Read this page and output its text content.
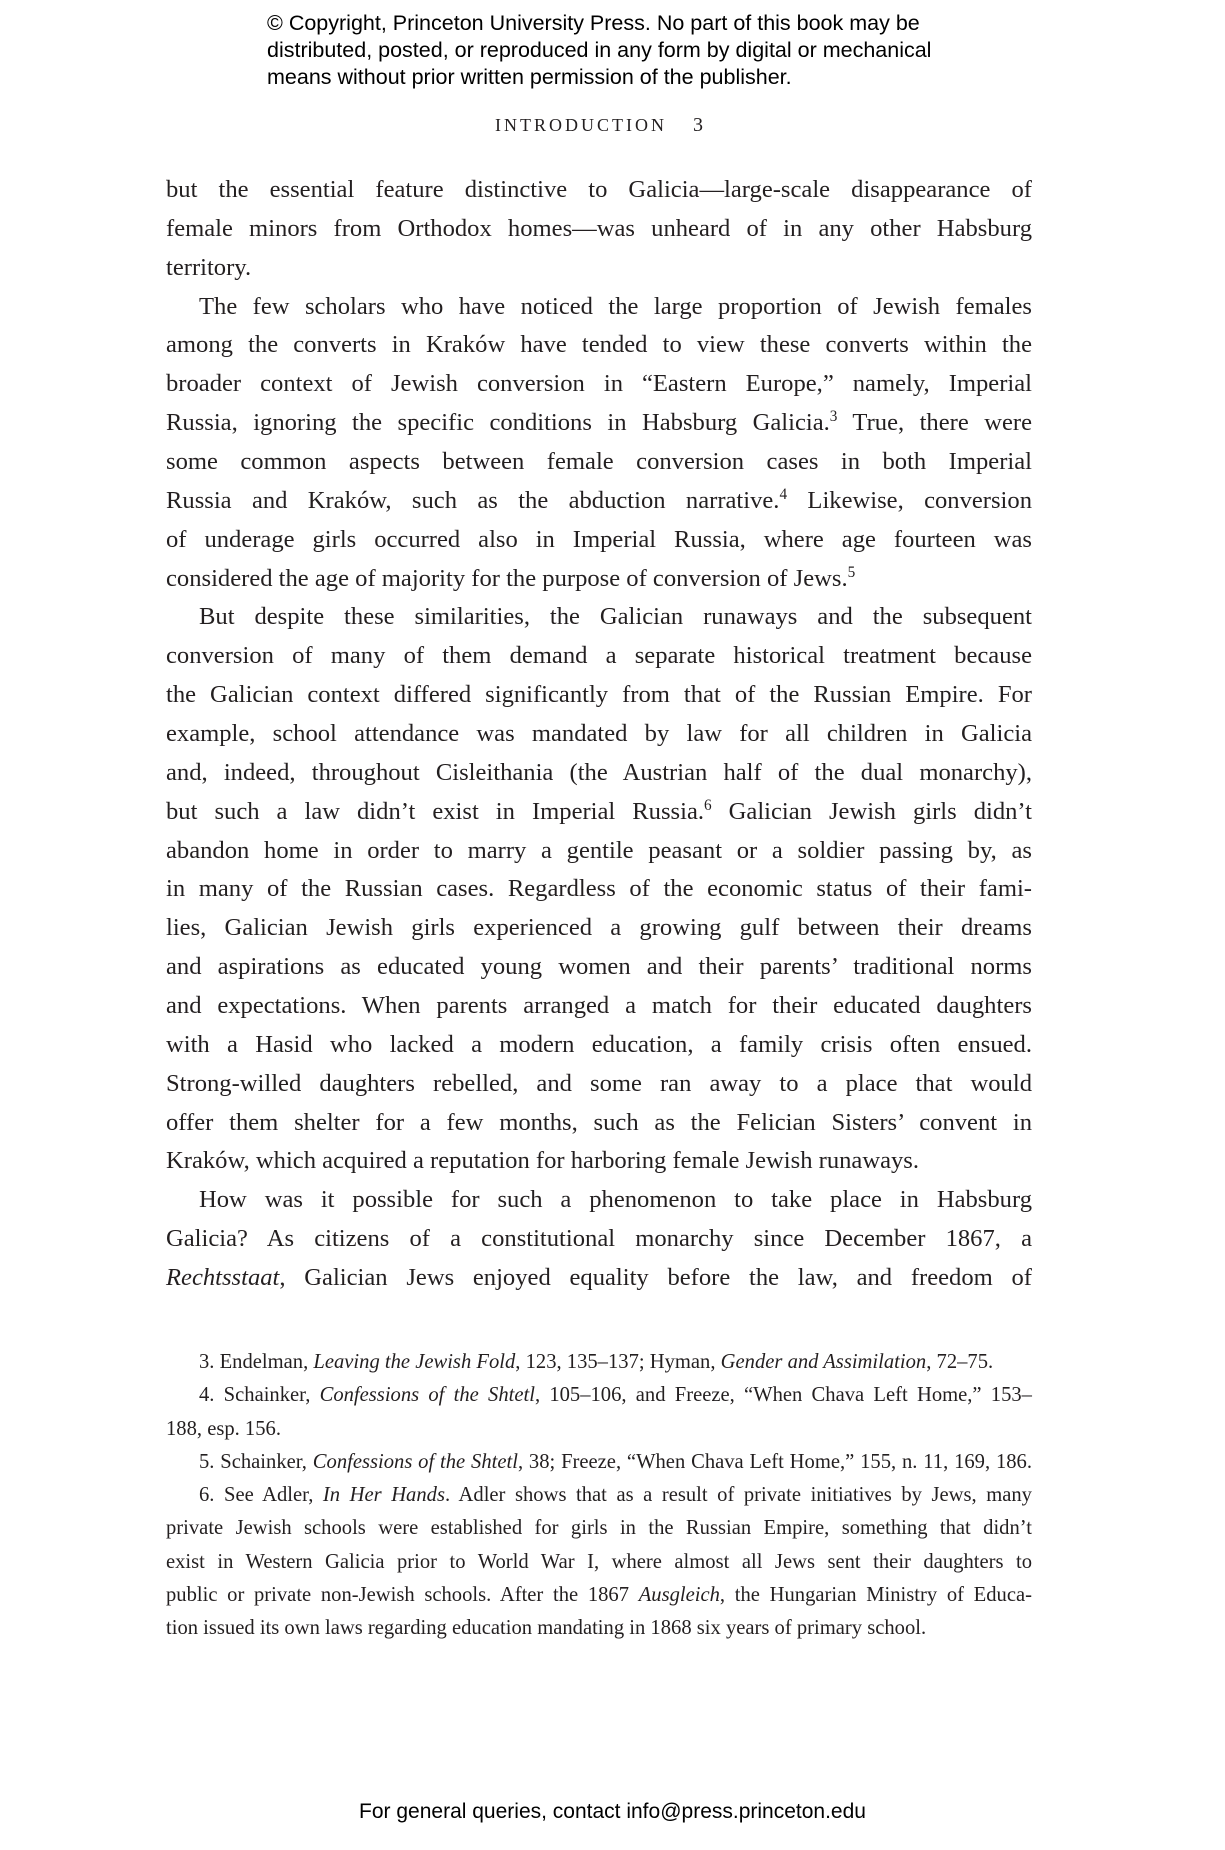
© Copyright, Princeton University Press. No part of this book may be
distributed, posted, or reproduced in any form by digital or mechanical
means without prior written permission of the publisher.
INTRODUCTION 3
but the essential feature distinctive to Galicia—large-scale disappearance of
female minors from Orthodox homes—was unheard of in any other Habsburg
territory.
The few scholars who have noticed the large proportion of Jewish females
among the converts in Kraków have tended to view these converts within the
broader context of Jewish conversion in “Eastern Europe,” namely, Imperial
Russia, ignoring the specific conditions in Habsburg Galicia.$^3$ True, there were
some common aspects between female conversion cases in both Imperial
Russia and Kraków, such as the abduction narrative.$^4$ Likewise, conversion
of underage girls occurred also in Imperial Russia, where age fourteen was
considered the age of majority for the purpose of conversion of Jews.$^5$
But despite these similarities, the Galician runaways and the subsequent
conversion of many of them demand a separate historical treatment because
the Galician context differed significantly from that of the Russian Empire. For
example, school attendance was mandated by law for all children in Galicia
and, indeed, throughout Cisleithania (the Austrian half of the dual monarchy),
but such a law didn’t exist in Imperial Russia.$^6$ Galician Jewish girls didn’t
abandon home in order to marry a gentile peasant or a soldier passing by, as
in many of the Russian cases. Regardless of the economic status of their fami-
lies, Galician Jewish girls experienced a growing gulf between their dreams
and aspirations as educated young women and their parents’ traditional norms
and expectations. When parents arranged a match for their educated daughters
with a Hasid who lacked a modern education, a family crisis often ensued.
Strong-willed daughters rebelled, and some ran away to a place that would
offer them shelter for a few months, such as the Felician Sisters’ convent in
Kraków, which acquired a reputation for harboring female Jewish runaways.
How was it possible for such a phenomenon to take place in Habsburg
Galicia? As citizens of a constitutional monarchy since December 1867, a
Rechtsstaat, Galician Jews enjoyed equality before the law, and freedom of
3. Endelman, Leaving the Jewish Fold, 123, 135–137; Hyman, Gender and Assimilation, 72–75.
4. Schainker, Confessions of the Shtetl, 105–106, and Freeze, “When Chava Left Home,” 153–
188, esp. 156.
5. Schainker, Confessions of the Shtetl, 38; Freeze, “When Chava Left Home,” 155, n. 11, 169, 186.
6. See Adler, In Her Hands. Adler shows that as a result of private initiatives by Jews, many
private Jewish schools were established for girls in the Russian Empire, something that didn’t
exist in Western Galicia prior to World War I, where almost all Jews sent their daughters to
public or private non-Jewish schools. After the 1867 Ausgleich, the Hungarian Ministry of Educa-
tion issued its own laws regarding education mandating in 1868 six years of primary school.
For general queries, contact info@press.princeton.edu
